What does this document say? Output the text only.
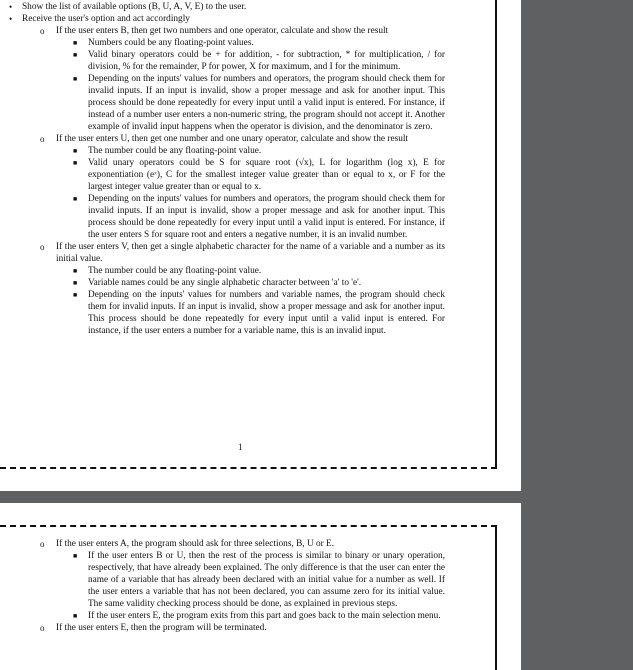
• Show the list of available options (B, U, A, V, E) to the user.

• Receive the user's option and act accordingly

o If the user enters B, then get two numbers and one operator, calculate and show the result

■ Numbers could be any floating-point values.

■ Valid binary operators could be + for addition, - for subtraction, * for multiplication, / for division, % for the remainder, P for power, X for maximum, and I for the minimum.

■ Depending on the inputs' values for numbers and operators, the program should check them for invalid inputs. If an input is invalid, show a proper message and ask for another input. This process should be done repeatedly for every input until a valid input is entered. For instance, if instead of a number user enters a non-numeric string, the program should not accept it. Another example of invalid input happens when the operator is division, and the denominator is zero.

o If the user enters U, then get one number and one unary operator, calculate and show the result

■ The number could be any floating-point value.

■ Valid unary operators could be S for square root (√x), L for logarithm (log x), E for exponentiation (eˣ), C for the smallest integer value greater than or equal to x, or F for the largest integer value greater than or equal to x.

■ Depending on the inputs' values for numbers and operators, the program should check them for invalid inputs. If an input is invalid, show a proper message and ask for another input. This process should be done repeatedly for every input until a valid input is entered. For instance, if the user enters S for square root and enters a negative number, it is an invalid number.

o If the user enters V, then get a single alphabetic character for the name of a variable and a number as its initial value.

■ The number could be any floating-point value.

■ Variable names could be any single alphabetic character between 'a' to 'e'.

■ Depending on the inputs' values for numbers and variable names, the program should check them for invalid inputs. If an input is invalid, show a proper message and ask for another input. This process should be done repeatedly for every input until a valid input is entered. For instance, if the user enters a number for a variable name, this is an invalid input.

1

o If the user enters A, the program should ask for three selections, B, U or E.

■ If the user enters B or U, then the rest of the process is similar to binary or unary operation, respectively, that have already been explained. The only difference is that the user can enter the name of a variable that has already been declared with an initial value for a number as well. If the user enters a variable that has not been declared, you can assume zero for its initial value. The same validity checking process should be done, as explained in previous steps.

■ If the user enters E, the program exits from this part and goes back to the main selection menu.

o If the user enters E, then the program will be terminated.
